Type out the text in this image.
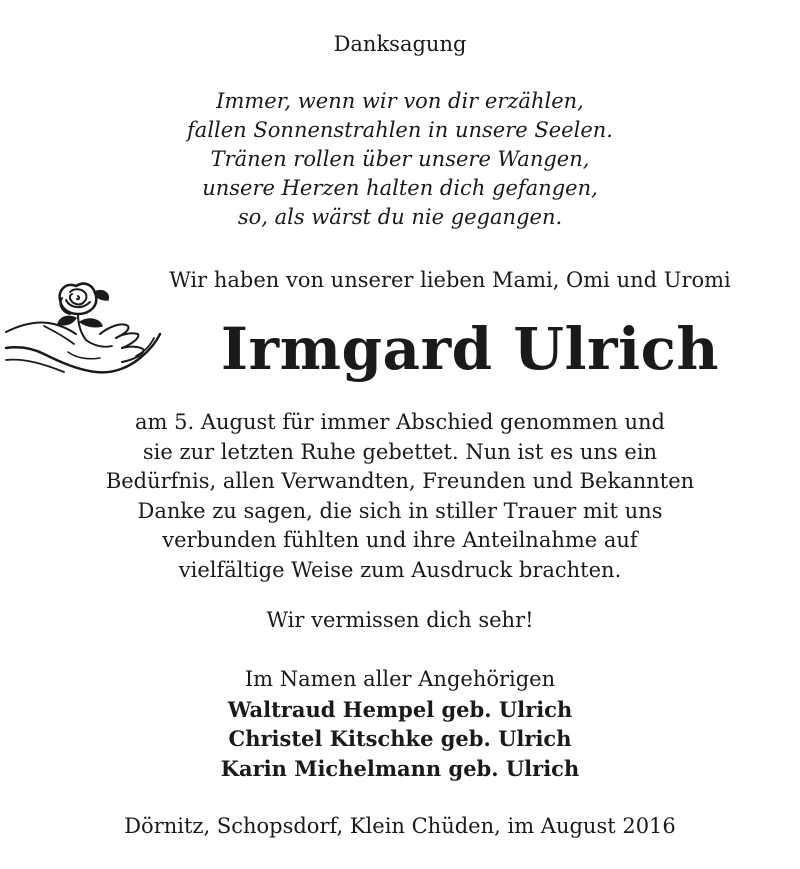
Danksagung
Immer, wenn wir von dir erzählen,
fallen Sonnenstrahlen in unsere Seelen.
Tränen rollen über unsere Wangen,
unsere Herzen halten dich gefangen,
so, als wärst du nie gegangen.
Wir haben von unserer lieben Mami, Omi und Uromi
Irmgard Ulrich
am 5. August für immer Abschied genommen und
sie zur letzten Ruhe gebettet. Nun ist es uns ein
Bedürfnis, allen Verwandten, Freunden und Bekannten
Danke zu sagen, die sich in stiller Trauer mit uns
verbunden fühlten und ihre Anteilnahme auf
vielfältige Weise zum Ausdruck brachten.
Wir vermissen dich sehr!
Im Namen aller Angehörigen
Waltraud Hempel geb. Ulrich
Christel Kitschke geb. Ulrich
Karin Michelmann geb. Ulrich
Dörnitz, Schopsdorf, Klein Chüden, im August 2016
